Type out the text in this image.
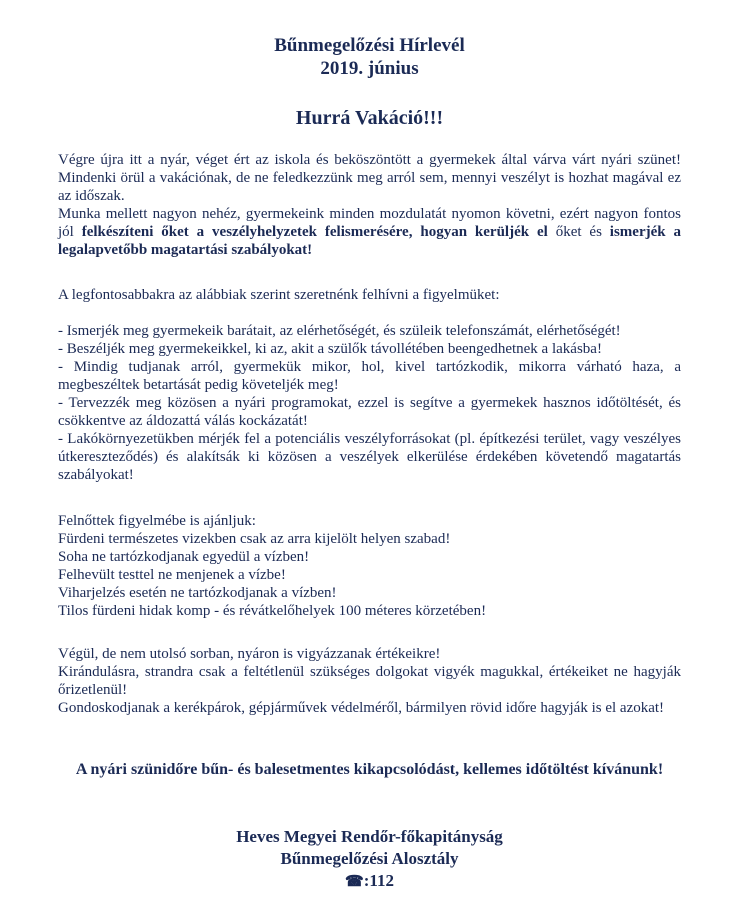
Bűnmegelőzési Hírlevél
2019. június
Hurrá Vakáció!!!

Végre újra itt a nyár, véget ért az iskola és beköszöntött a gyermekek által várva várt nyári szünet! Mindenki örül a vakációnak, de ne feledkezzünk meg arról sem, mennyi veszélyt is hozhat magával ez az időszak.

Munka mellett nagyon nehéz, gyermekeink minden mozdulatát nyomon követni, ezért nagyon fontos jól felkészíteni őket a veszélyhelyzetek felismerésére, hogyan kerüljék el őket és ismerjék a legalapvetőbb magatartási szabályokat!

A legfontosabbakra az alábbiak szerint szeretnénk felhívni a figyelmüket:

- Ismerjék meg gyermekeik barátait, az elérhetőségét, és szüleik telefonszámát, elérhetőségét!

- Beszéljék meg gyermekeikkel, ki az, akit a szülők távollétében beengedhetnek a lakásba!

- Mindig tudjanak arról, gyermekük mikor, hol, kivel tartózkodik, mikorra várható haza, a megbeszéltek betartását pedig követeljék meg!

- Tervezzék meg közösen a nyári programokat, ezzel is segítve a gyermekek hasznos időtöltését, és csökkentve az áldozattá válás kockázatát!

- Lakókörnyezetükben mérjék fel a potenciális veszélyforrásokat (pl. építkezési terület, vagy veszélyes útkereszteződés) és alakítsák ki közösen a veszélyek elkerülése érdekében követendő magatartás szabályokat!

Felnőttek figyelmébe is ajánljuk:

Fürdeni természetes vizekben csak az arra kijelölt helyen szabad!

Soha ne tartózkodjanak egyedül a vízben!

Felhevült testtel ne menjenek a vízbe!

Viharjelzés esetén ne tartózkodjanak a vízben!

Tilos fürdeni hidak komp - és révátkelőhelyek 100 méteres körzetében!

Végül, de nem utolsó sorban, nyáron is vigyázzanak értékeikre!

Kirándulásra, strandra csak a feltétlenül szükséges dolgokat vigyék magukkal, értékeiket ne hagyják őrizetlenül!

Gondoskodjanak a kerékpárok, gépjárművek védelméről, bármilyen rövid időre hagyják is el azokat!

A nyári szünidőre bűn- és balesetmentes kikapcsolódást, kellemes időtöltést kívánunk!
Heves Megyei Rendőr-főkapitányság
Bűnmegelőzési Alosztály
☎:112
